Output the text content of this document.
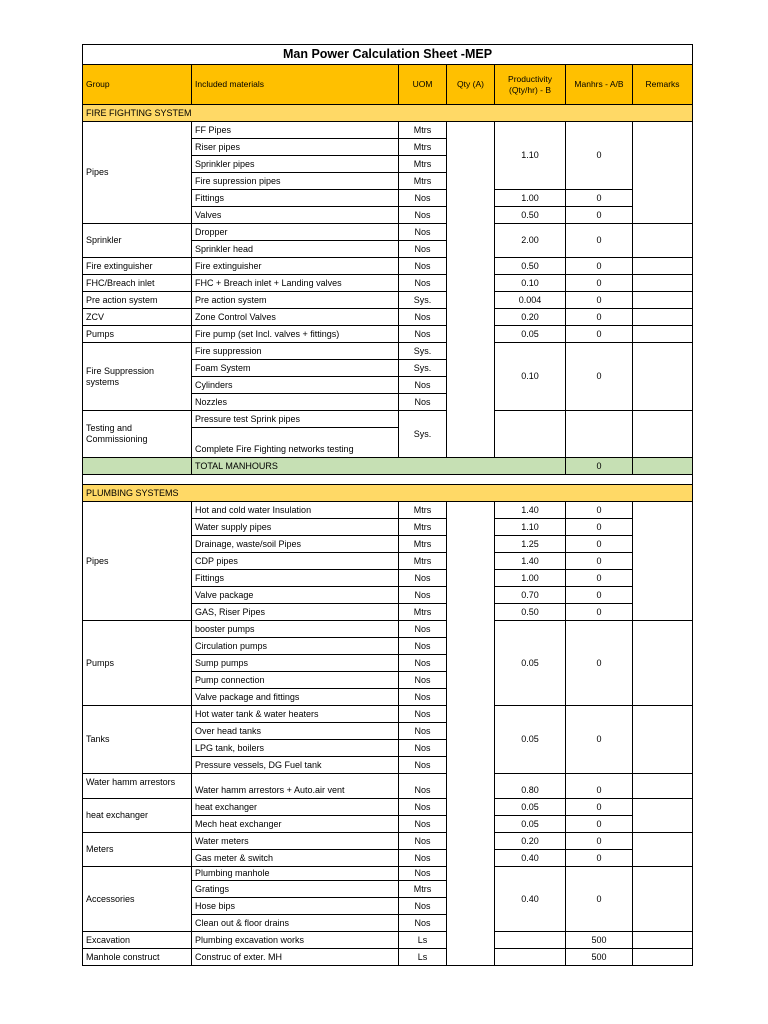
Man Power Calculation Sheet -MEP						
Group	Included materials	UOM	Qty (A)	Productivity (Qty/hr) - B	Manhrs - A/B	Remarks
FIRE FIGHTING SYSTEM						
Pipes	FF Pipes	Mtrs		1.10	0	
	Riser pipes	Mtrs				
	Sprinkler pipes	Mtrs				
	Fire supression pipes	Mtrs				
	Fittings	Nos		1.00	0	
	Valves	Nos		0.50	0	
Sprinkler	Dropper	Nos		2.00	0	
	Sprinkler head	Nos				
Fire extinguisher	Fire extinguisher	Nos		0.50	0	
FHC/Breach inlet	FHC + Breach inlet + Landing valves	Nos		0.10	0	
Pre action system	Pre action system	Sys.		0.004	0	
ZCV	Zone Control Valves	Nos		0.20	0	
Pumps	Fire pump (set Incl. valves + fittings)	Nos		0.05	0	
Fire Suppression systems	Fire suppression	Sys.		0.10	0	
	Foam System	Sys.				
	Cylinders	Nos				
	Nozzles	Nos				
Testing and Commissioning	Pressure test Sprink pipes	Sys.				
	Complete Fire Fighting networks testing					
	TOTAL MANHOURS				0	

PLUMBING SYSTEMS						
Pipes	Hot and cold water Insulation	Mtrs		1.40	0	
	Water supply pipes	Mtrs		1.10	0	
	Drainage, waste/soil Pipes	Mtrs		1.25	0	
	CDP pipes	Mtrs		1.40	0	
	Fittings	Nos		1.00	0	
	Valve package	Nos		0.70	0	
	GAS, Riser Pipes	Mtrs		0.50	0	
Pumps	booster pumps	Nos		0.05	0	
	Circulation pumps	Nos				
	Sump pumps	Nos				
	Pump connection	Nos				
	Valve package and fittings	Nos				
Tanks	Hot water tank & water heaters	Nos		0.05	0	
	Over head tanks	Nos				
	LPG tank, boilers	Nos				
	Pressure vessels, DG Fuel tank	Nos				
Water hamm arrestors	Water hamm arrestors + Auto.air vent	Nos		0.80	0	
heat exchanger	heat exchanger	Nos		0.05	0	
	Mech heat exchanger	Nos		0.05	0	
Meters	Water meters	Nos		0.20	0	
	Gas meter & switch	Nos		0.40	0	
Accessories	Plumbing manhole	Nos		0.40	0	
	Gratings	Mtrs				
	Hose bips	Nos				
	Clean out & floor drains	Nos				
Excavation	Plumbing excavation works	Ls			500	
Manhole construct	Construc of exter. MH	Ls			500	
